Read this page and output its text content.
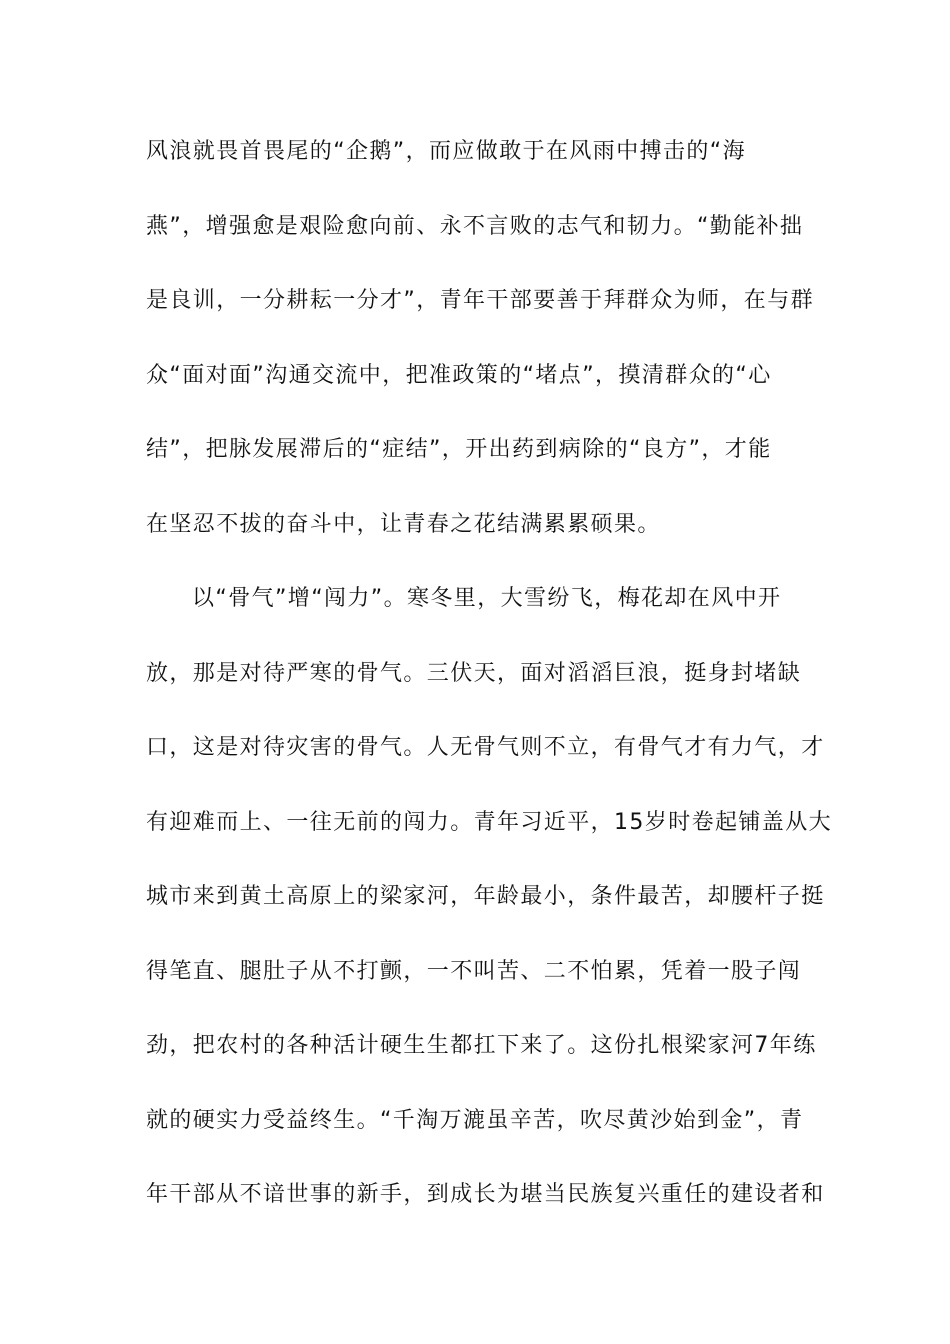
风浪就畏首畏尾的“企鹅”，而应做敢于在风雨中搏击的“海
燕”，增强愈是艰险愈向前、永不言败的志气和韧力。“勤能补拙
是良训，一分耕耘一分才”，青年干部要善于拜群众为师，在与群
众“面对面”沟通交流中，把准政策的“堵点”，摸清群众的“心
结”，把脉发展滞后的“症结”，开出药到病除的“良方”，才能
在坚忍不拔的奋斗中，让青春之花结满累累硕果。
以“骨气”增“闯力”。寒冬里，大雪纷飞，梅花却在风中开
放，那是对待严寒的骨气。三伏天，面对滔滔巨浪，挺身封堵缺
口，这是对待灾害的骨气。人无骨气则不立，有骨气才有力气，才
有迎难而上、一往无前的闯力。青年习近平，15岁时卷起铺盖从大
城市来到黄土高原上的梁家河，年龄最小，条件最苦，却腰杆子挺
得笔直、腿肚子从不打颤，一不叫苦、二不怕累，凭着一股子闯
劲，把农村的各种活计硬生生都扛下来了。这份扎根梁家河7年练
就的硬实力受益终生。“千淘万漉虽辛苦，吹尽黄沙始到金”，青
年干部从不谙世事的新手，到成长为堪当民族复兴重任的建设者和
